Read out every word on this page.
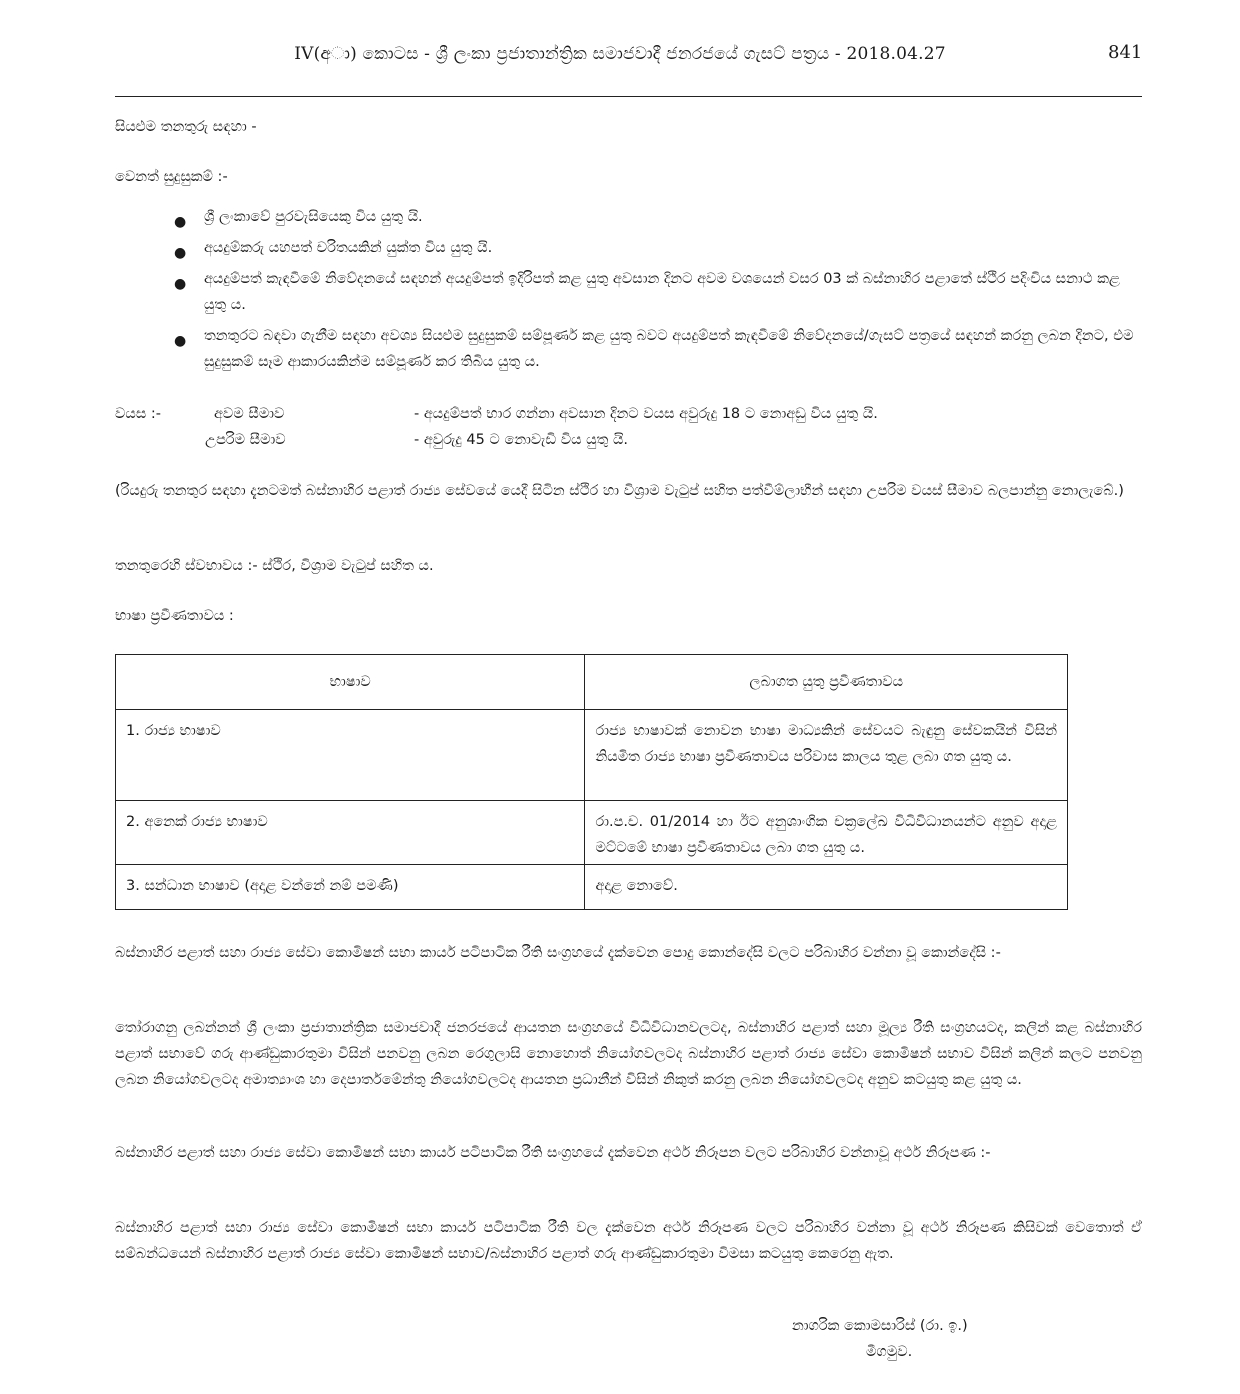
IV(අා) කොටස - ශ්‍රී ලංකා ප්‍රජාතාන්ත්‍රික සමාජවාදී ජනරජයේ ගැසට් පත්‍රය - 2018.04.27	841
සියළුම තනතුරු සඳහා -
වෙනත් සුදුසුකම් :-
● ශ්‍රී ලංකාවේ පුරවැසියෙකු විය යුතු යි.
● අයදුම්කරු යහපත් චරිතයකින් යුක්ත විය යුතු යි.
● අයදුම්පත් කැඳවීමේ නිවේදනයේ සඳහන් අයදුම්පත් ඉදිරිපත් කළ යුතු අවසාන දිනට අවම වශයෙන් වසර 03 ක් බස්නාහිර පළාතේ ස්ථිර පදිංචිය සනාථ කළ යුතු ය.
● තනතුරට බඳවා ගැනීම සඳහා අවශ්‍ය සියළුම සුදුසුකම් සම්පූර්ණ කළ යුතු බවට අයදුම්පත් කැඳවීමේ නිවේදනයේ/ගැසට් පත්‍රයේ සඳහන් කරනු ලබන දිනට, එම සුදුසුකම් සෑම ආකාරයකින්ම සම්පූර්ණ කර තිබිය යුතු ය.
වයස :-	අවම සීමාව	- අයදුම්පත් භාර ගන්නා අවසාන දිනට වයස අවුරුදු 18 ට නොඅඩු විය යුතු යි.
උපරිම සීමාව	- අවුරුදු 45 ට නොවැඩි විය යුතු යි.
(රියදුරු තනතුර සඳහා දැනටමත් බස්නාහිර පළාත් රාජ්‍ය සේවයේ යෙදී සිටින ස්ථිර හා විශ්‍රාම වැටුප් සහිත පත්වීම්ලාභීන් සඳහා උපරිම වයස් සීමාව බලපාන්නු නොලැබේ.)
තනතුරෙහි ස්වභාවය :- ස්ථිර, විශ්‍රාම වැටුප් සහිත ය.
භාෂා ප්‍රවීණතාවය :
භාෂාව	ලබාගත යුතු ප්‍රවීණතාවය
1. රාජ්‍ය භාෂාව	රාජ්‍ය භාෂාවක් නොවන භාෂා මාධ්‍යකින් සේවයට බැඳුනු සේවකයින් විසින් නියමිත රාජ්‍ය භාෂා ප්‍රවීණතාවය පරිවාස කාලය තුළ ලබා ගත යුතු ය.
2. අනෙක් රාජ්‍ය භාෂාව	රා.ප.ච. 01/2014 හා ඊට අනුශාංගික චක්‍රලේඛ විධිවිධානයන්ට අනුව අදාළ මට්ටමේ භාෂා ප්‍රවීණතාවය ලබා ගත යුතු ය.
3. සන්ධාන භාෂාව (අදාළ වන්නේ නම් පමණි)	අදාළ නොවේ.
බස්නාහිර පළාත් සහා රාජ්‍ය සේවා කොමිෂන් සභා කාර්ය පටිපාටික රීති සංග්‍රහයේ දැක්වෙන පොදු කොන්දේසි වලට පරිබාහිර වන්නා වූ කොන්දේසි :-
තෝරාගනු ලබන්නන් ශ්‍රී ලංකා ප්‍රජාතාන්ත්‍රික සමාජවාදී ජනරජයේ ආයතන සංග්‍රහයේ විධිවිධානවලටද, බස්නාහිර පළාත් සහා මූල්‍ය රීති සංග්‍රහයටද, කලින් කළ බස්නාහිර පළාත් සභාවේ ගරු ආණ්ඩුකාරතුමා විසින් පනවනු ලබන රෙගුලාසි නොහොත් නියෝගවලටද බස්නාහිර පළාත් රාජ්‍ය සේවා කොමිෂන් සභාව විසින් කලින් කලට පනවනු ලබන නියෝගවලටද අමාත්‍යාංශ හා දෙපාර්තමේන්තු නියෝගවලටද ආයතන ප්‍රධානීන් විසින් නිකුත් කරනු ලබන නියෝගවලටද අනුව කටයුතු කළ යුතු ය.
බස්නාහිර පළාත් සහා රාජ්‍ය සේවා කොමිෂන් සභා කාර්ය පටිපාටික රීති සංග්‍රහයේ දැක්වෙන අර්ථ නිරූපන වලට පරිබාහිර වන්නාවූ අර්ථ නිරූපණ :-
බස්නාහිර පළාත් සහා රාජ්‍ය සේවා කොමිෂන් සභා කාර්ය පටිපාටික රීති වල දැක්වෙන අර්ථ නිරූපණ වලට පරිබාහිර වන්නා වූ අර්ථ නිරූපණ කිසිවක් වෙතොත් ඒ සම්බන්ධයෙන් බස්නාහිර පළාත් රාජ්‍ය සේවා කොමිෂන් සභාව/බස්නාහිර පළාත් ගරු ආණ්ඩුකාරතුමා විමසා කටයුතු කෙරෙනු ඇත.
නාගරික කොමසාරිස් (රා. ඉ.)
මීගමුව.
